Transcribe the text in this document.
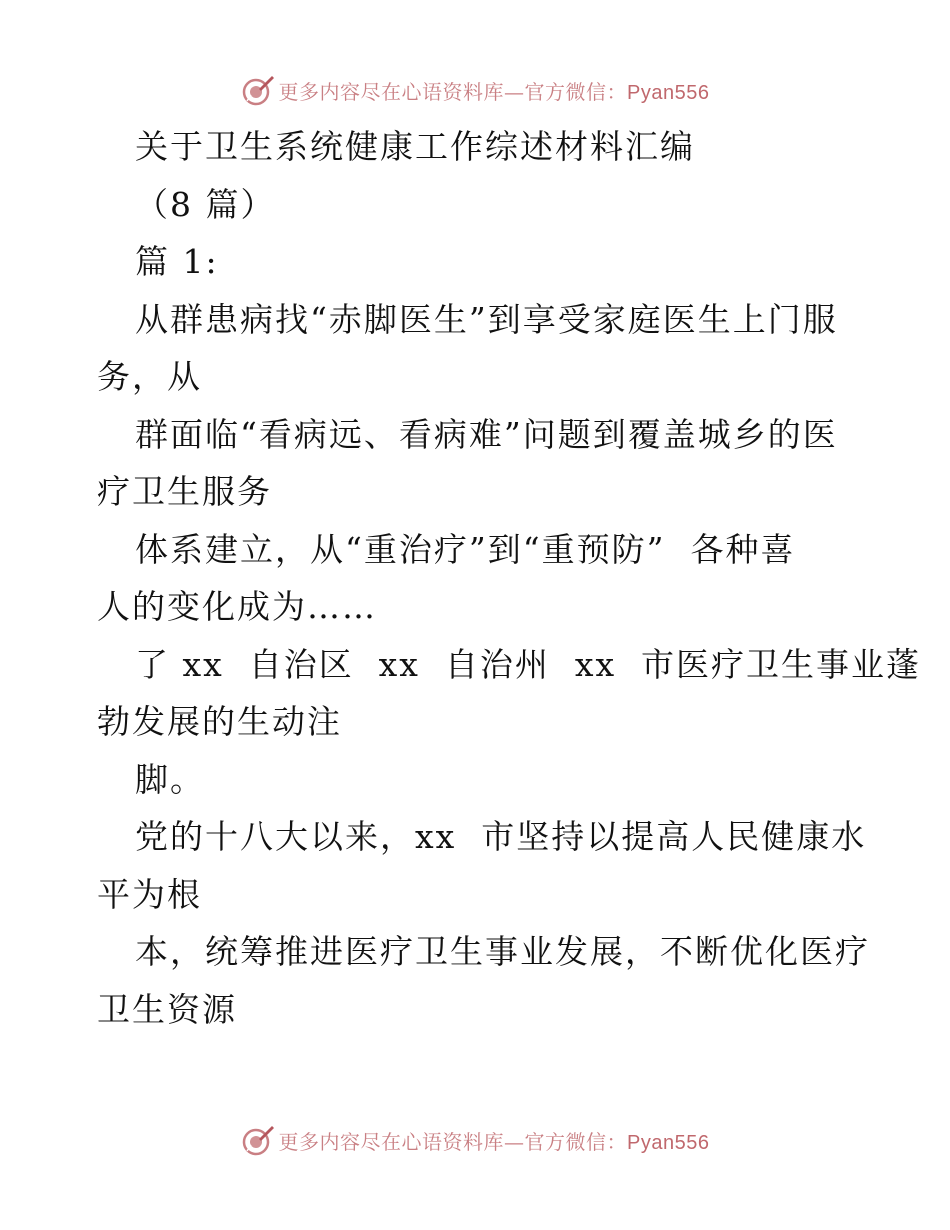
更多内容尽在心语资料库—官方微信：Pyan556
关于卫生系统健康工作综述材料汇编
（8 篇）
篇 1:
从群患病找“赤脚医生”到享受家庭医生上门服
务，从
群面临“看病远、看病难”问题到覆盖城乡的医
疗卫生服务
体系建立，从“重治疗”到“重预防”  各种喜
人的变化成为……
了 xx  自治区  xx  自治州  xx  市医疗卫生事业蓬
勃发展的生动注
脚。
党的十八大以来，xx  市坚持以提高人民健康水
平为根
本，统筹推进医疗卫生事业发展，不断优化医疗
卫生资源
更多内容尽在心语资料库—官方微信：Pyan556
